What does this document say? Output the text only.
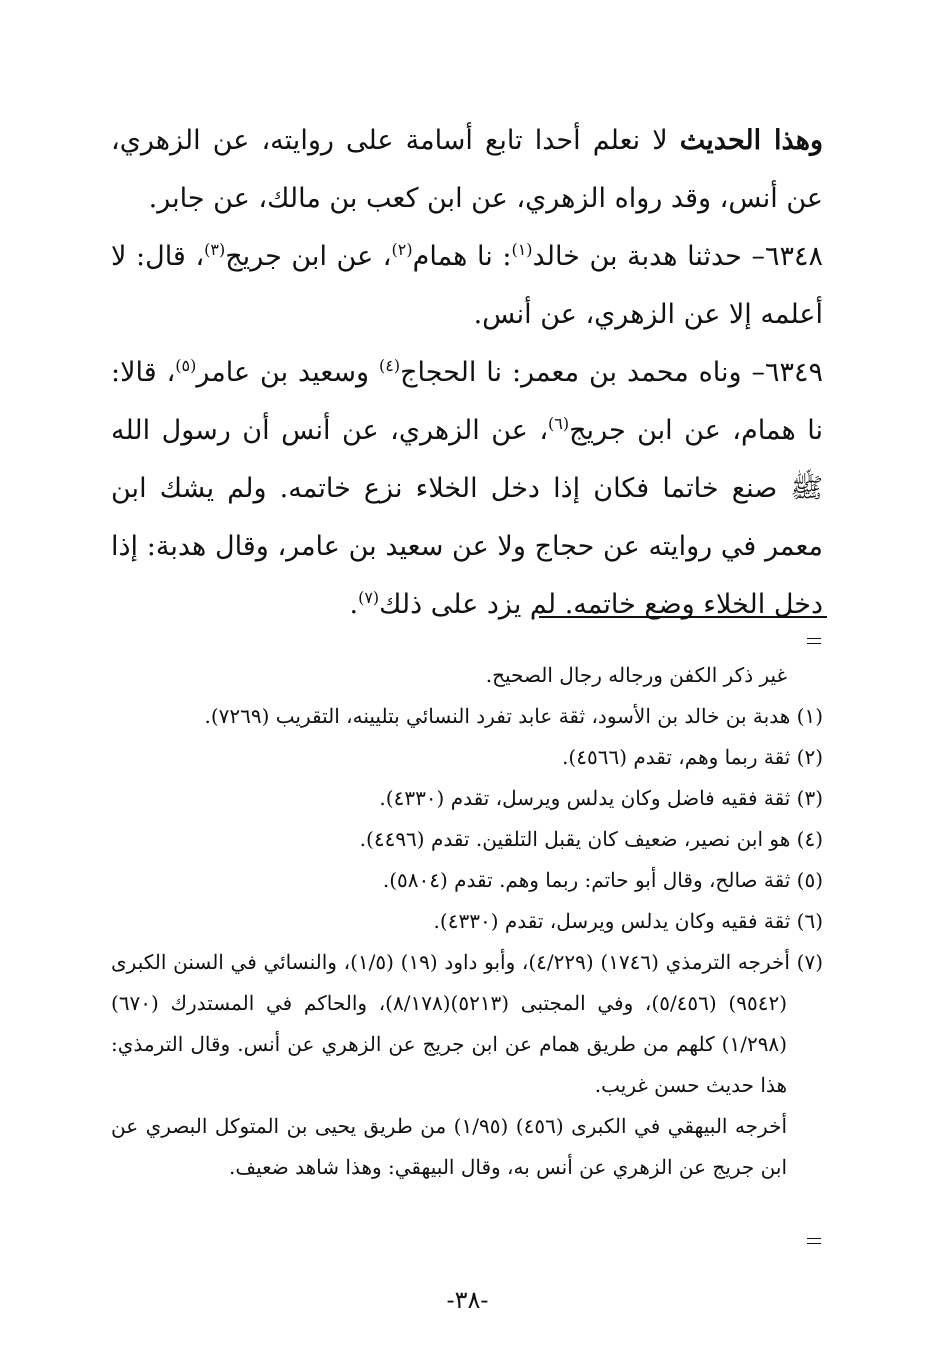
وهذا الحديث لا نعلم أحدا تابع أسامة على روايته، عن الزهري، عن أنس، وقد رواه الزهري، عن ابن كعب بن مالك، عن جابر.

٦٣٤٨– حدثنا هدبة بن خالد$^{(١)}$: نا همام$^{(٢)}$، عن ابن جريج$^{(٣)}$، قال: لا أعلمه إلا عن الزهري، عن أنس.

٦٣٤٩– وناه محمد بن معمر: نا الحجاج$^{(٤)}$ وسعيد بن عامر$^{(٥)}$، قالا: نا همام، عن ابن جريج$^{(٦)}$، عن الزهري، عن أنس أن رسول الله ﷺ صنع خاتما فكان إذا دخل الخلاء نزع خاتمه. ولم يشك ابن معمر في روايته عن حجاج ولا عن سعيد بن عامر، وقال هدبة: إذا دخل الخلاء وضع خاتمه. لم يزد على ذلك$^{(٧)}$.

غير ذكر الكفن ورجاله رجال الصحيح.

(١) هدبة بن خالد بن الأسود، ثقة عابد تفرد النسائي بتليينه، التقريب (٧٢٦٩).

(٢) ثقة ربما وهم، تقدم (٤٥٦٦).

(٣) ثقة فقيه فاضل وكان يدلس ويرسل، تقدم (٤٣٣٠).

(٤) هو ابن نصير، ضعيف كان يقبل التلقين. تقدم (٤٤٩٦).

(٥) ثقة صالح، وقال أبو حاتم: ربما وهم. تقدم (٥٨٠٤).

(٦) ثقة فقيه وكان يدلس ويرسل، تقدم (٤٣٣٠).

(٧) أخرجه الترمذي (١٧٤٦) (٤/٢٢٩)، وأبو داود (١٩) (١/٥)، والنسائي في السنن الكبرى (٩٥٤٢) (٥/٤٥٦)، وفي المجتبى (٥٢١٣)(٨/١٧٨)، والحاكم في المستدرك (٦٧٠) (١/٢٩٨) كلهم من طريق همام عن ابن جريج عن الزهري عن أنس. وقال الترمذي: هذا حديث حسن غريب.

أخرجه البيهقي في الكبرى (٤٥٦) (١/٩٥) من طريق يحيى بن المتوكل البصري عن ابن جريج عن الزهري عن أنس به، وقال البيهقي: وهذا شاهد ضعيف.

-٣٨-
